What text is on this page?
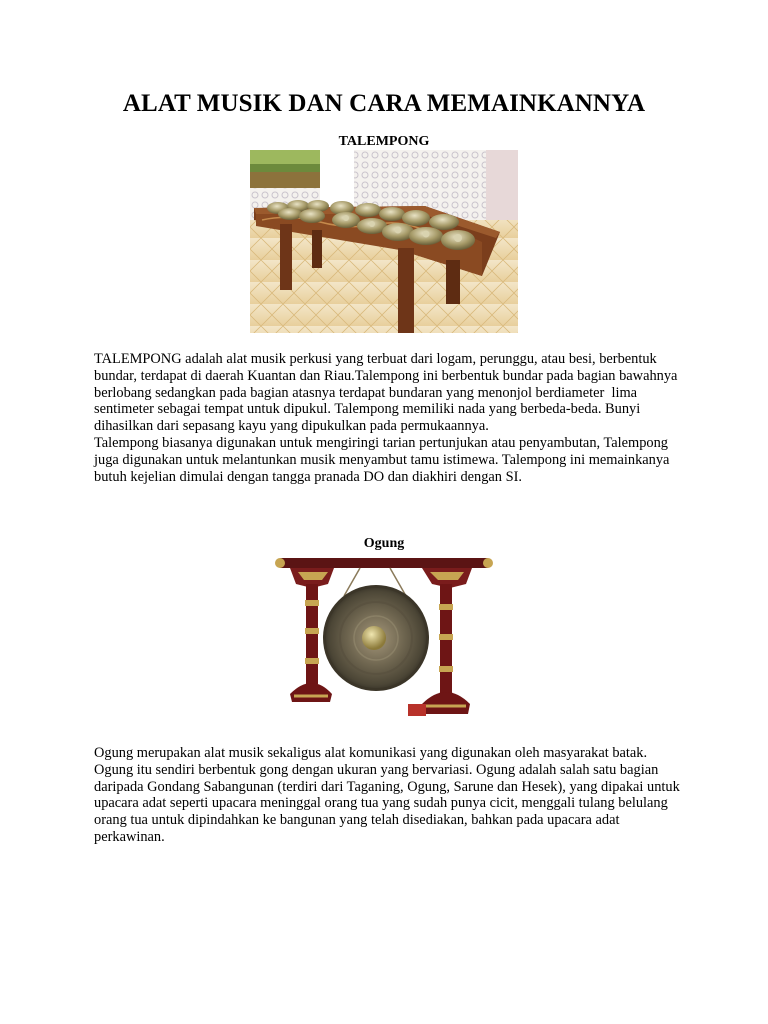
ALAT MUSIK DAN CARA MEMAINKANNYA
TALEMPONG

TALEMPONG adalah alat musik perkusi yang terbuat dari logam, perunggu, atau besi, berbentuk bundar, terdapat di daerah Kuantan dan Riau.Talempong ini berbentuk bundar pada bagian bawahnya berlobang sedangkan pada bagian atasnya terdapat bundaran yang menonjol berdiameter  lima sentimeter sebagai tempat untuk dipukul. Talempong memiliki nada yang berbeda-beda. Bunyi dihasilkan dari sepasang kayu yang dipukulkan pada permukaannya.

Talempong biasanya digunakan untuk mengiringi tarian pertunjukan atau penyambutan, Talempong juga digunakan untuk melantunkan musik menyambut tamu istimewa. Talempong ini memainkanya butuh kejelian dimulai dengan tangga pranada DO dan diakhiri dengan SI.

Ogung

Ogung merupakan alat musik sekaligus alat komunikasi yang digunakan oleh masyarakat batak. Ogung itu sendiri berbentuk gong dengan ukuran yang bervariasi. Ogung adalah salah satu bagian daripada Gondang Sabangunan (terdiri dari Taganing, Ogung, Sarune dan Hesek), yang dipakai untuk upacara adat seperti upacara meninggal orang tua yang sudah punya cicit, menggali tulang belulang orang tua untuk dipindahkan ke bangunan yang telah disediakan, bahkan pada upacara adat perkawinan.
